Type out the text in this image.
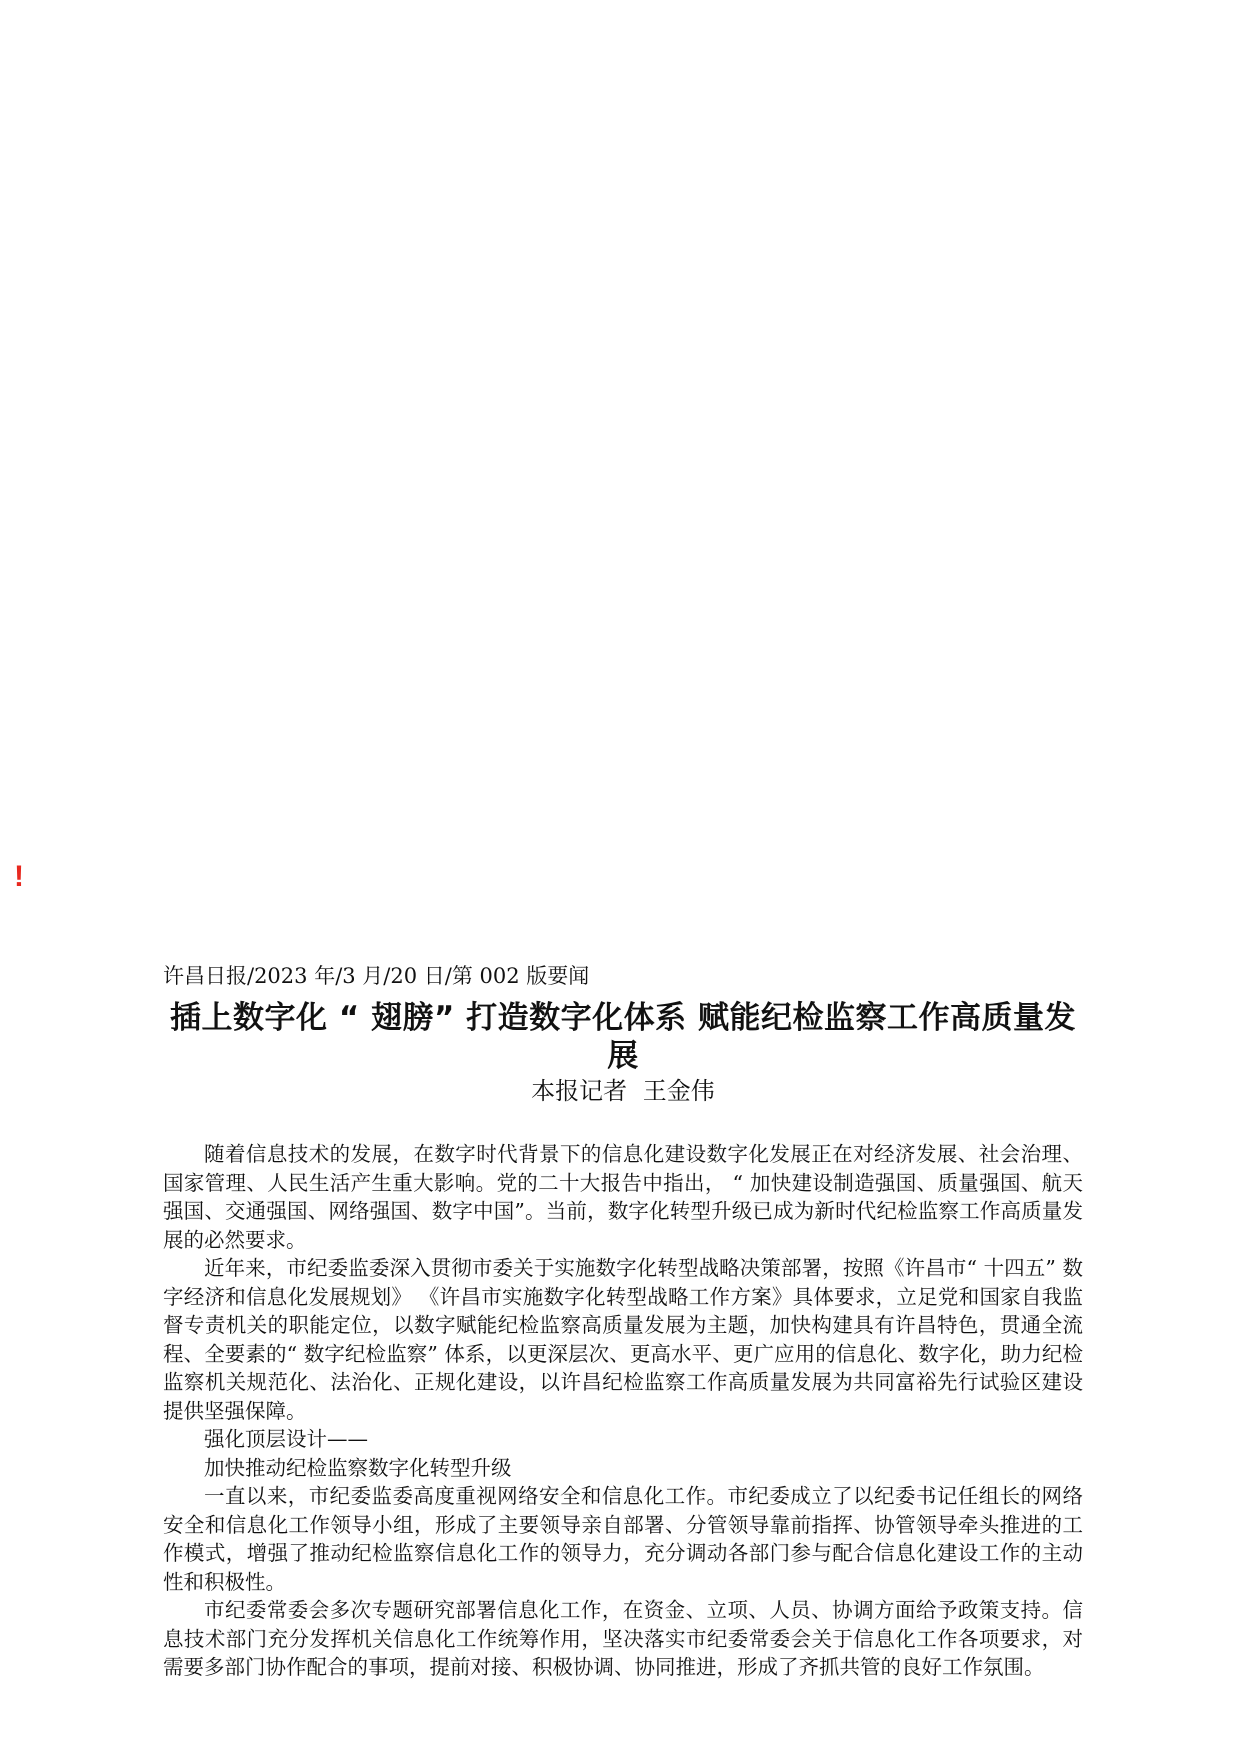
!
许昌日报/2023 年/3 月/20 日/第 002 版要闻
插上数字化 “ 翅膀” 打造数字化体系 赋能纪检监察工作高质量发展
本报记者 王金伟

随着信息技术的发展，在数字时代背景下的信息化建设数字化发展正在对经济发展、社会治理、国家管理、人民生活产生重大影响。党的二十大报告中指出， “ 加快建设制造强国、质量强国、航天强国、交通强国、网络强国、数字中国”。当前，数字化转型升级已成为新时代纪检监察工作高质量发展的必然要求。

近年来，市纪委监委深入贯彻市委关于实施数字化转型战略决策部署，按照《许昌市“ 十四五” 数字经济和信息化发展规划》 《许昌市实施数字化转型战略工作方案》具体要求，立足党和国家自我监督专责机关的职能定位，以数字赋能纪检监察高质量发展为主题，加快构建具有许昌特色，贯通全流程、全要素的“ 数字纪检监察” 体系，以更深层次、更高水平、更广应用的信息化、数字化，助力纪检监察机关规范化、法治化、正规化建设，以许昌纪检监察工作高质量发展为共同富裕先行试验区建设提供坚强保障。

强化顶层设计——

加快推动纪检监察数字化转型升级

一直以来，市纪委监委高度重视网络安全和信息化工作。市纪委成立了以纪委书记任组长的网络安全和信息化工作领导小组，形成了主要领导亲自部署、分管领导靠前指挥、协管领导牵头推进的工作模式，增强了推动纪检监察信息化工作的领导力，充分调动各部门参与配合信息化建设工作的主动性和积极性。

市纪委常委会多次专题研究部署信息化工作，在资金、立项、人员、协调方面给予政策支持。信息技术部门充分发挥机关信息化工作统筹作用，坚决落实市纪委常委会关于信息化工作各项要求，对需要多部门协作配合的事项，提前对接、积极协调、协同推进，形成了齐抓共管的良好工作氛围。
